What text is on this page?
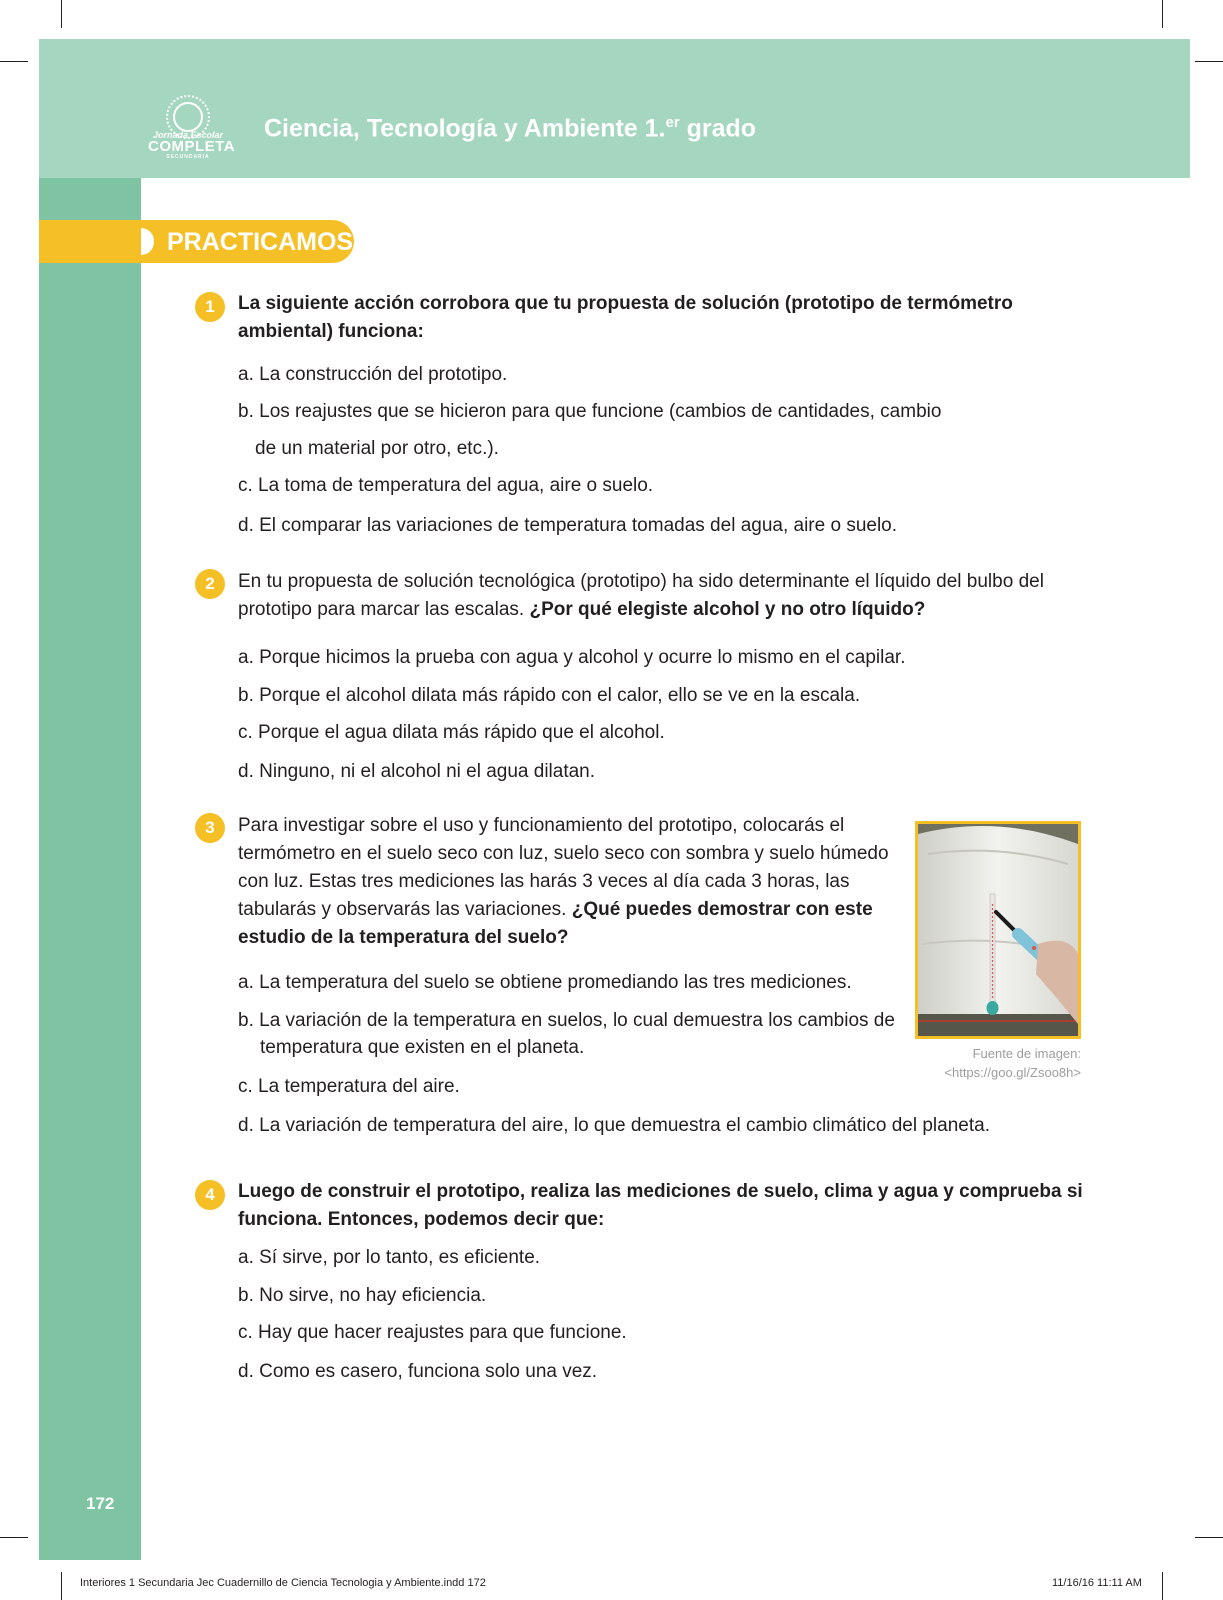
Jornada Escolar
COMPLETA
SECUNDARIA
Ciencia, Tecnología y Ambiente 1.$^{er}$ grado
PRACTICAMOS
1	La siguiente acción corrobora que tu propuesta de solución (prototipo de termómetro ambiental) funciona:
a. La construcción del prototipo.
b. Los reajustes que se hicieron para que funcione (cambios de cantidades, cambio
de un material por otro, etc.).
c. La toma de temperatura del agua, aire o suelo.
d. El comparar las variaciones de temperatura tomadas del agua, aire o suelo.
2	En tu propuesta de solución tecnológica (prototipo) ha sido determinante el líquido del bulbo del prototipo para marcar las escalas. ¿Por qué elegiste alcohol y no otro líquido?
a. Porque hicimos la prueba con agua y alcohol y ocurre lo mismo en el capilar.
b. Porque el alcohol dilata más rápido con el calor, ello se ve en la escala.
c. Porque el agua dilata más rápido que el alcohol.
d. Ninguno, ni el alcohol ni el agua dilatan.
3	Para investigar sobre el uso y funcionamiento del prototipo, colocarás el termómetro en el suelo seco con luz, suelo seco con sombra y suelo húmedo con luz. Estas tres mediciones las harás 3 veces al día cada 3 horas, las tabularás y observarás las variaciones. ¿Qué puedes demostrar con este estudio de la temperatura del suelo?
a. La temperatura del suelo se obtiene promediando las tres mediciones.
b. La variación de la temperatura en suelos, lo cual demuestra los cambios de
temperatura que existen en el planeta.
c. La temperatura del aire.
d. La variación de temperatura del aire, lo que demuestra el cambio climático del planeta.
Fuente de imagen: <https://goo.gl/Zsoo8h>
4	Luego de construir el prototipo, realiza las mediciones de suelo, clima y agua y comprueba si funciona. Entonces, podemos decir que:
a. Sí sirve, por lo tanto, es eficiente.
b. No sirve, no hay eficiencia.
c. Hay que hacer reajustes para que funcione.
d. Como es casero, funciona solo una vez.
172
Interiores 1 Secundaria Jec Cuadernillo de Ciencia Tecnologia y Ambiente.indd 172	11/16/16 11:11 AM
